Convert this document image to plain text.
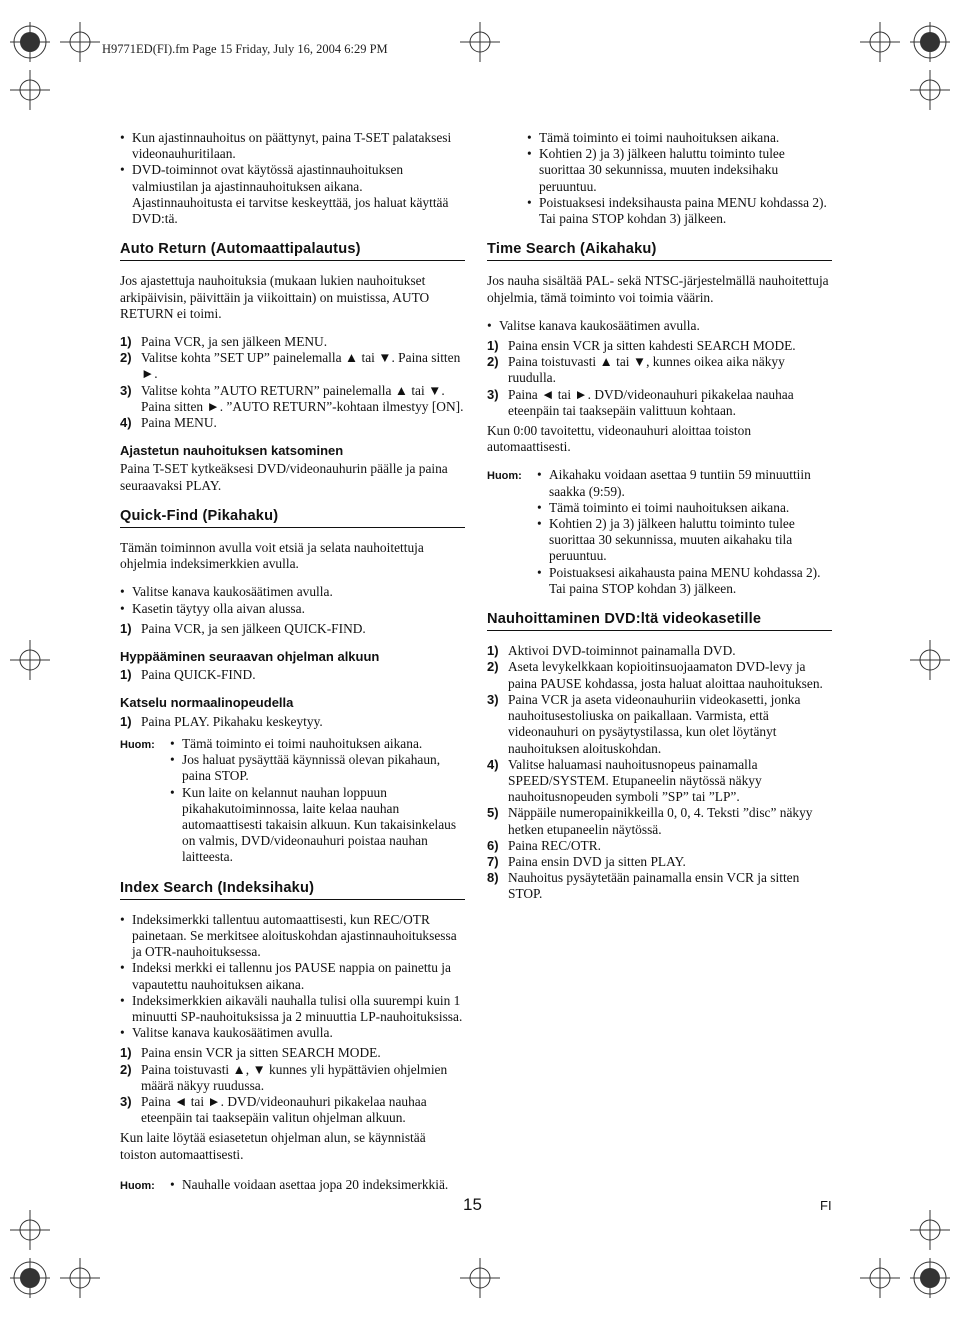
H9771ED(FI).fm Page 15 Friday, July 16, 2004 6:29 PM
• Kun ajastinnauhoitus on päättynyt, paina T-SET palataksesi videonauhuritilaan.
• DVD-toiminnot ovat käytössä ajastinnauhoituksen valmiustilan ja ajastinnauhoituksen aikana. Ajastinnauhoitusta ei tarvitse keskeyttää, jos haluat käyttää DVD:tä.
Auto Return (Automaattipalautus)

Jos ajastettuja nauhoituksia (mukaan lukien nauhoitukset arkipäivisin, päivittäin ja viikoittain) on muistissa, AUTO RETURN ei toimi.

1) Paina VCR, ja sen jälkeen MENU.
2) Valitse kohta ”SET UP” painelemalla ▲ tai ▼. Paina sitten ►.
3) Valitse kohta ”AUTO RETURN” painelemalla ▲ tai ▼. Paina sitten ►. ”AUTO RETURN”-kohtaan ilmestyy [ON].
4) Paina MENU.
Ajastetun nauhoituksen katsominen

Paina T-SET kytkeäksesi DVD/videonauhurin päälle ja paina seuraavaksi PLAY.

Quick-Find (Pikahaku)

Tämän toiminnon avulla voit etsiä ja selata nauhoitettuja ohjelmia indeksimerkkien avulla.

• Valitse kanava kaukosäätimen avulla.
• Kasetin täytyy olla aivan alussa.
1) Paina VCR, ja sen jälkeen QUICK-FIND.
Hyppääminen seuraavan ohjelman alkuun
1) Paina QUICK-FIND.
Katselu normaalinopeudella
1) Paina PLAY. Pikahaku keskeytyy.
Huom:	• Tämä toiminto ei toimi nauhoituksen aikana.
• Jos haluat pysäyttää käynnissä olevan pikahaun, paina STOP.
• Kun laite on kelannut nauhan loppuun pikahakutoiminnossa, laite kelaa nauhan automaattisesti takaisin alkuun. Kun takaisinkelaus on valmis, DVD/videonauhuri poistaa nauhan laitteesta.
Index Search (Indeksihaku)
• Indeksimerkki tallentuu automaattisesti, kun REC/OTR painetaan. Se merkitsee aloituskohdan ajastinnauhoituksessa ja OTR-nauhoituksessa.
• Indeksi merkki ei tallennu jos PAUSE nappia on painettu ja vapautettu nauhoituksen aikana.
• Indeksimerkkien aikaväli nauhalla tulisi olla suurempi kuin 1 minuutti SP-nauhoituksissa ja 2 minuuttia LP-nauhoituksissa.
• Valitse kanava kaukosäätimen avulla.
1) Paina ensin VCR ja sitten SEARCH MODE.
2) Paina toistuvasti ▲, ▼ kunnes yli hypättävien ohjelmien määrä näkyy ruudussa.
3) Paina ◄ tai ►. DVD/videonauhuri pikakelaa nauhaa eteenpäin tai taaksepäin valitun ohjelman alkuun.

Kun laite löytää esiasetetun ohjelman alun, se käynnistää toiston automaattisesti.

Huom:	• Nauhalle voidaan asettaa jopa 20 indeksimerkkiä.
• Tämä toiminto ei toimi nauhoituksen aikana.
• Kohtien 2) ja 3) jälkeen haluttu toiminto tulee suorittaa 30 sekunnissa, muuten indeksihaku peruuntuu.
• Poistuaksesi indeksihausta paina MENU kohdassa 2). Tai paina STOP kohdan 3) jälkeen.
Time Search (Aikahaku)

Jos nauha sisältää PAL- sekä NTSC-järjestelmällä nauhoitettuja ohjelmia, tämä toiminto voi toimia väärin.

• Valitse kanava kaukosäätimen avulla.
1) Paina ensin VCR ja sitten kahdesti SEARCH MODE.
2) Paina toistuvasti ▲ tai ▼, kunnes oikea aika näkyy ruudulla.
3) Paina ◄ tai ►. DVD/videonauhuri pikakelaa nauhaa eteenpäin tai taaksepäin valittuun kohtaan.

Kun 0:00 tavoitettu, videonauhuri aloittaa toiston automaattisesti.

Huom:	• Aikahaku voidaan asettaa 9 tuntiin 59 minuuttiin saakka (9:59).
• Tämä toiminto ei toimi nauhoituksen aikana.
• Kohtien 2) ja 3) jälkeen haluttu toiminto tulee suorittaa 30 sekunnissa, muuten aikahaku tila peruuntuu.
• Poistuaksesi aikahausta paina MENU kohdassa 2). Tai paina STOP kohdan 3) jälkeen.
Nauhoittaminen DVD:ltä videokasetille
1) Aktivoi DVD-toiminnot painamalla DVD.
2) Aseta levykelkkaan kopioitinsuojaamaton DVD-levy ja paina PAUSE kohdassa, josta haluat aloittaa nauhoituksen.
3) Paina VCR ja aseta videonauhuriin videokasetti, jonka nauhoitusestoliuska on paikallaan. Varmista, että videonauhuri on pysäytystilassa, kun olet löytänyt nauhoituksen aloituskohdan.
4) Valitse haluamasi nauhoitusnopeus painamalla SPEED/SYSTEM. Etupaneelin näytössä näkyy nauhoitusnopeuden symboli ”SP” tai ”LP”.
5) Näppäile numeropainikkeilla 0, 0, 4. Teksti ”disc” näkyy hetken etupaneelin näytössä.
6) Paina REC/OTR.
7) Paina ensin DVD ja sitten PLAY.
8) Nauhoitus pysäytetään painamalla ensin VCR ja sitten STOP.
15	FI
